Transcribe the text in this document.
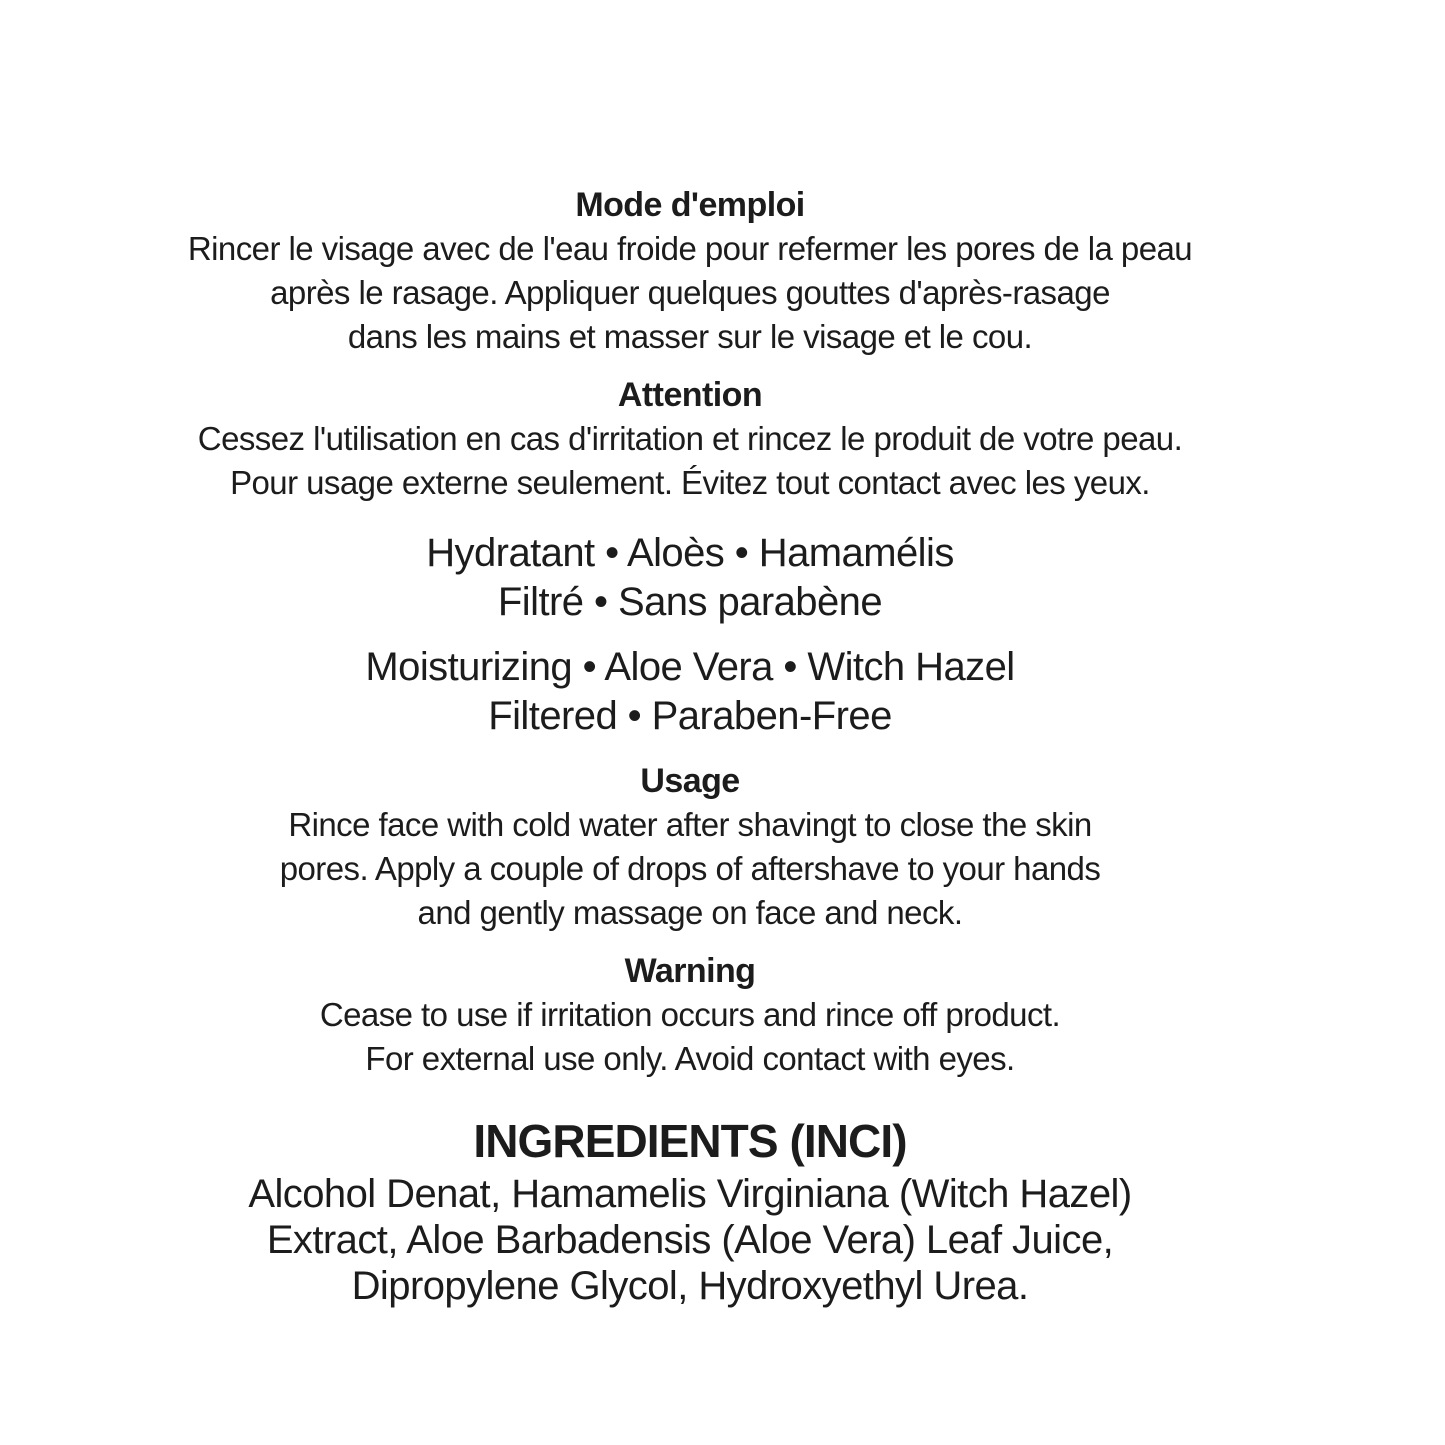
Mode d'emploi
Rincer le visage avec de l'eau froide pour refermer les pores de la peau
après le rasage. Appliquer quelques gouttes d'après-rasage
dans les mains et masser sur le visage et le cou.
Attention
Cessez l'utilisation en cas d'irritation et rincez le produit de votre peau.
Pour usage externe seulement. Évitez tout contact avec les yeux.
Hydratant • Aloès • Hamamélis
Filtré • Sans parabène
Moisturizing • Aloe Vera • Witch Hazel
Filtered • Paraben-Free
Usage
Rince face with cold water after shavingt to close the skin
pores. Apply a couple of drops of aftershave to your hands
and gently massage on face and neck.
Warning
Cease to use if irritation occurs and rince off product.
For external use only. Avoid contact with eyes.
INGREDIENTS (INCI)
Alcohol Denat, Hamamelis Virginiana (Witch Hazel)
Extract, Aloe Barbadensis (Aloe Vera) Leaf Juice,
Dipropylene Glycol, Hydroxyethyl Urea.
